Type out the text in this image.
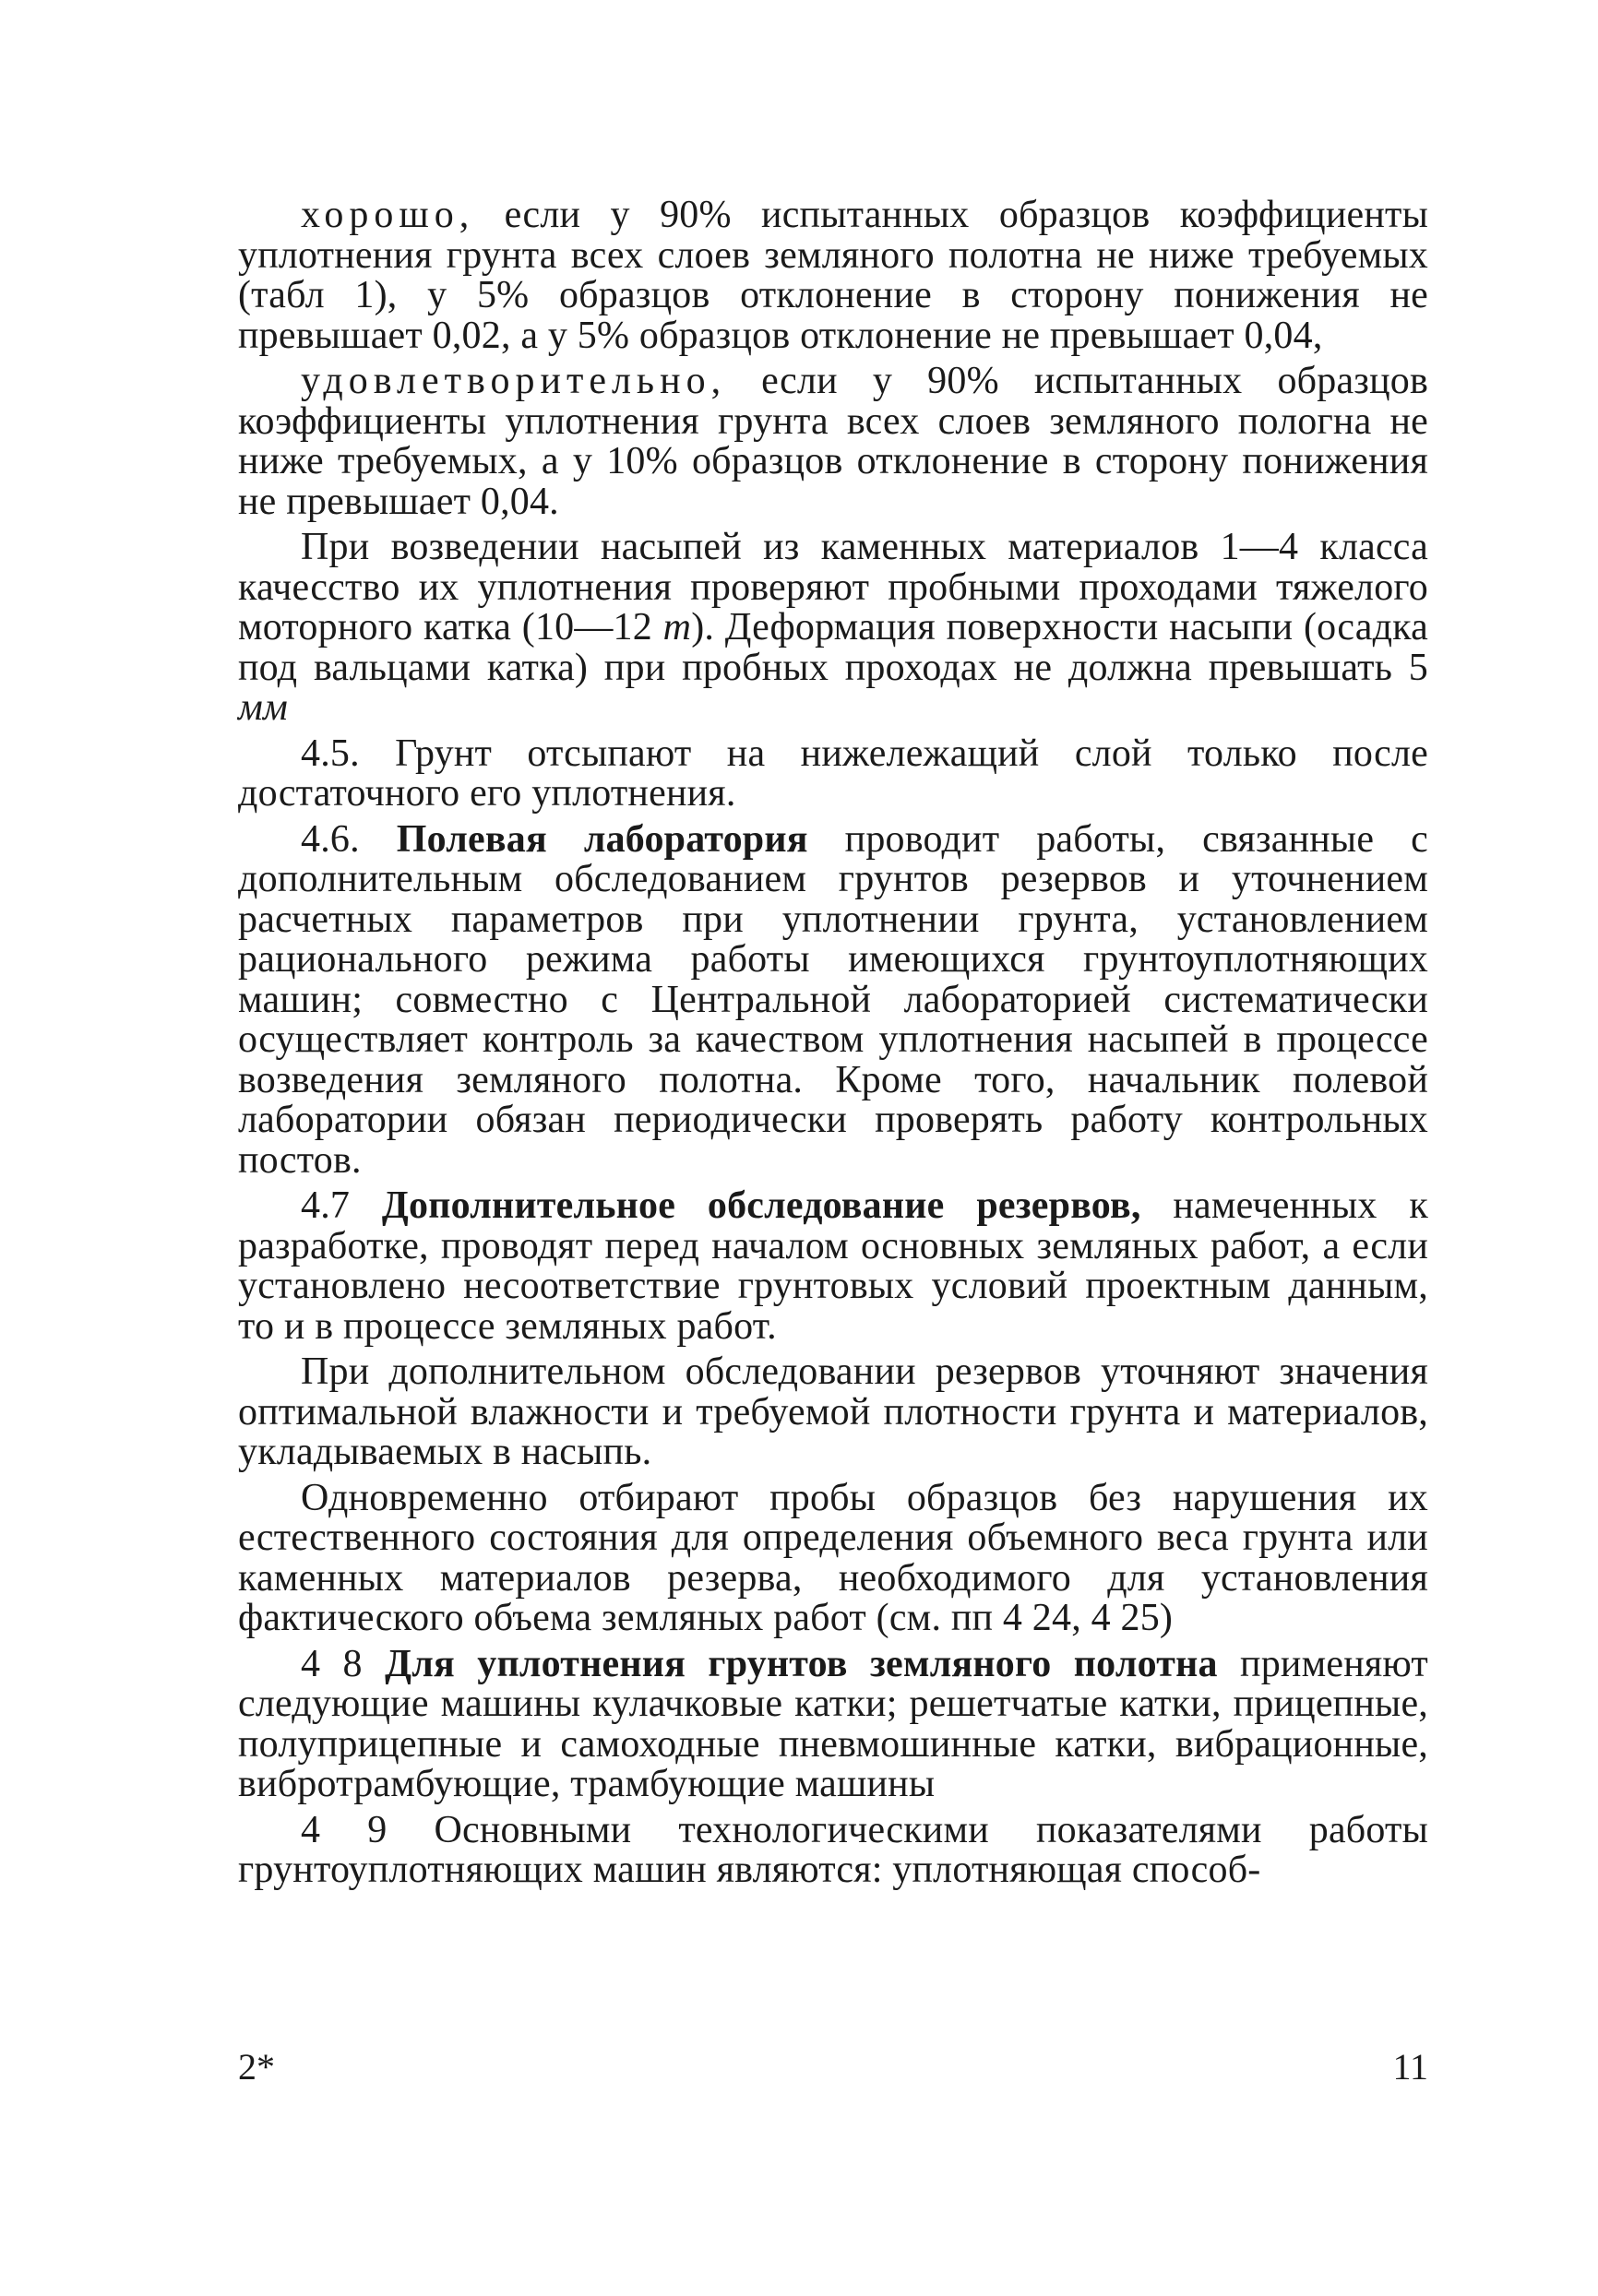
хорошо, если у 90% испытанных образцов коэффициенты уплотнения грунта всех слоев земляного полотна не ниже требуемых (табл 1), у 5% образцов отклонение в сторону понижения не превышает 0,02, а у 5% образцов отклонение не превышает 0,04,

удовлетворительно, если у 90% испытанных образцов коэффициенты уплотнения грунта всех слоев земляного пологна не ниже требуемых, а у 10% образцов отклонение в сторону понижения не превышает 0,04.

При возведении насыпей из каменных материалов 1—4 класса качесство их уплотнения проверяют пробными проходами тяжелого моторного катка (10—12 т). Деформация поверхности насыпи (осадка под вальцами катка) при пробных проходах не должна превышать 5 мм

4.5. Грунт отсыпают на нижележащий слой только после достаточного его уплотнения.

4.6. Полевая лаборатория проводит работы, связанные с дополнительным обследованием грунтов резервов и уточнением расчетных параметров при уплотнении грунта, установлением рационального режима работы имеющихся грунтоуплотняющих машин; совместно с Центральной лабораторией систематически осуществляет контроль за качеством уплотнения насыпей в процессе возведения земляного полотна. Кроме того, начальник полевой лаборатории обязан периодически проверять работу контрольных постов.

4.7 Дополнительное обследование резервов, намеченных к разработке, проводят перед началом основных земляных работ, а если установлено несоответствие грунтовых условий проектным данным, то и в процессе земляных работ.

При дополнительном обследовании резервов уточняют значения оптимальной влажности и требуемой плотности грунта и материалов, укладываемых в насыпь.

Одновременно отбирают пробы образцов без нарушения их естественного состояния для определения объемного веса грунта или каменных материалов резерва, необходимого для установления фактического объема земляных работ (см. пп 4 24, 4 25)

4 8 Для уплотнения грунтов земляного полотна применяют следующие машины кулачковые катки; решетчатые катки, прицепные, полуприцепные и самоходные пневмошинные катки, вибрационные, вибротрамбующие, трамбующие машины

4 9 Основными технологическими показателями работы грунтоуплотняющих машин являются: уплотняющая способ-

2*	11
